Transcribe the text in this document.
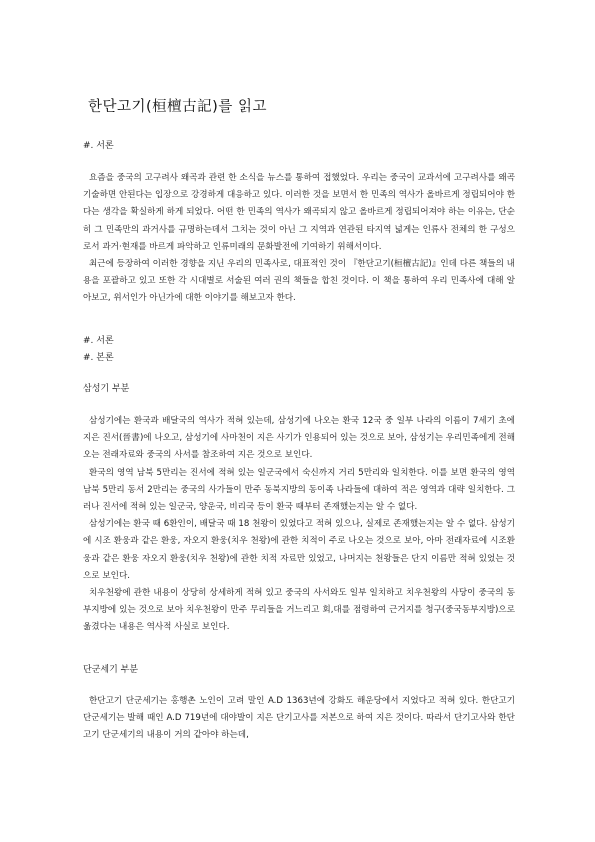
한단고기(桓檀古記)를 읽고
#. 서론

요즘을 중국의 고구려사 왜곡과 관련 한 소식을 뉴스를 통하여 접했었다. 우리는 중국이 교과서에 고구려사를 왜곡 기술하면 안된다는 입장으로 강경하게 대응하고 있다. 이러한 것을 보면서 한 민족의 역사가 올바르게 정립되어야 한다는 생각을 확실하게 하게 되었다. 어떤 한 민족의 역사가 왜곡되지 않고 올바르게 정립되어져야 하는 이유는, 단순히 그 민족만의 과거사를 규명하는데서 그치는 것이 아닌 그 지역과 연관된 타지역 넓게는 인류사 전체의 한 구성으로서 과거·현재를 바르게 파악하고 인류미래의 문화발전에 기여하기 위해서이다.

최근에 등장하여 이러한 경향을 지닌 우리의 민족사로, 대표적인 것이 『한단고기(桓檀古記)』인데 다른 책들의 내용을 포괄하고 있고 또한 각 시대별로 서술된 여러 권의 책들을 합친 것이다. 이 책을 통하여 우리 민족사에 대해 알아보고, 위서인가 아닌가에 대한 이야기를 해보고자 한다.

#. 서론
#. 본론
삼성기 부분

삼성기에는 환국과 배달국의 역사가 적혀 있는데, 삼성기에 나오는 환국 12국 중 일부 나라의 이름이 7세기 초에 지은 진서(晉書)에 나오고, 삼성기에 사마천이 지은 사기가 인용되어 있는 것으로 보아, 삼성기는 우리민족에게 전해오는 전래자료와 중국의 사서를 참조하여 지은 것으로 보인다.

환국의 영역 남북 5만리는 진서에 적혀 있는 일군국에서 숙신까지 거리 5만리와 일치한다. 이를 보면 환국의 영역 남북 5만리 동서 2만리는 중국의 사가들이 만주 동북지방의 동이족 나라들에 대하여 적은 영역과 대략 일치한다. 그러나 진서에 적혀 있는 일군국, 양운국, 비리국 등이 환국 때부터 존재했는지는 알 수 없다.

삼성기에는 환국 때 6환인이, 배달국 때 18 천왕이 있었다고 적혀 있으나, 실제로 존재했는지는 알 수 없다. 삼성기에 시조 환웅과 같은 환웅, 자오지 환웅(치우 천왕)에 관한 치적이 주로 나오는 것으로 보아, 아마 전래자료에 시조환웅과 같은 환웅 자오지 환웅(치우 천왕)에 관한 치적 자료만 있었고, 나머지는 천왕들은 단지 이름만 적혀 있었는 것으로 보인다.

치우천왕에 관한 내용이 상당히 상세하게 적혀 있고 중국의 사서와도 일부 일치하고 치우천왕의 사당이 중국의 동부지방에 있는 것으로 보아 치우천왕이 만주 무리들을 거느리고 회,대를 점령하여 근거지를 청구(중국동부지방)으로 옮겼다는 내용은 역사적 사실로 보인다.

단군세기 부분

한단고기 단군세기는 홍행촌 노인이 고려 말인 A.D 1363년에 강화도 해운당에서 지었다고 적혀 있다. 한단고기 단군세기는 발해 때인 A.D 719년에 대야발이 지은 단기고사를 저본으로 하여 지은 것이다. 따라서 단기고사와 한단고기 단군세기의 내용이 거의 같아야 하는데,
